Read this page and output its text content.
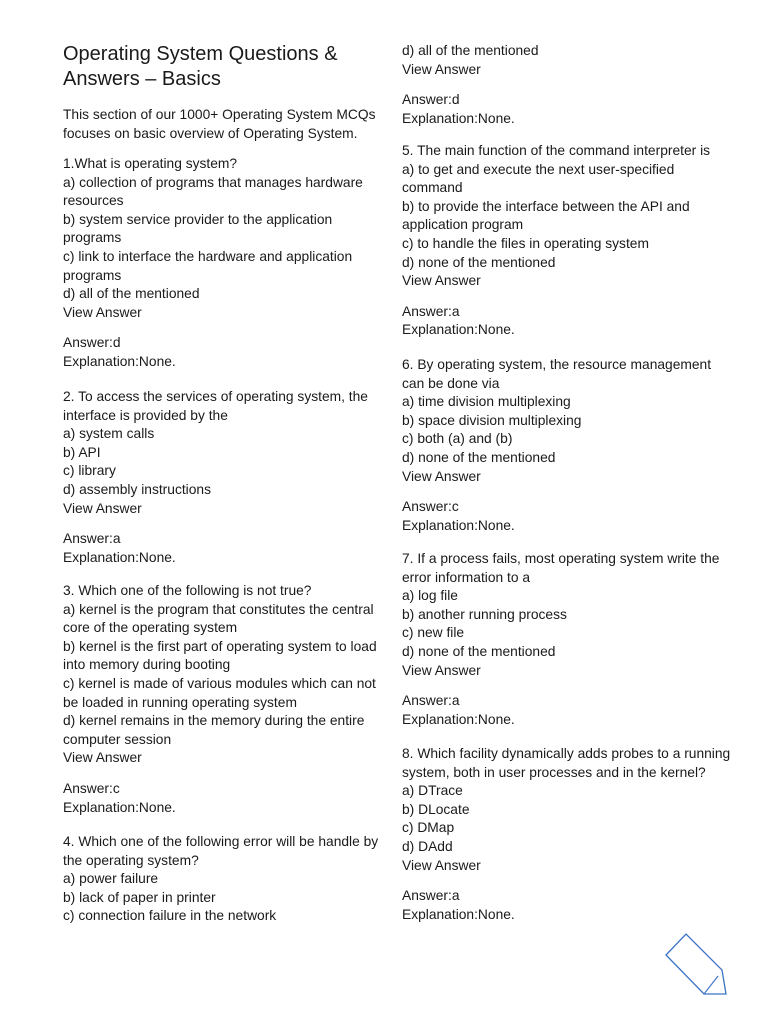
Operating System Questions & Answers – Basics

This section of our 1000+ Operating System MCQs focuses on basic overview of Operating System.

1.What is operating system?
a) collection of programs that manages hardware resources
b) system service provider to the application programs
c) link to interface the hardware and application programs
d) all of the mentioned
View Answer
Answer:d
Explanation:None.
2. To access the services of operating system, the interface is provided by the
a) system calls
b) API
c) library
d) assembly instructions
View Answer
Answer:a
Explanation:None.
3. Which one of the following is not true?
a) kernel is the program that constitutes the central core of the operating system
b) kernel is the first part of operating system to load into memory during booting
c) kernel is made of various modules which can not be loaded in running operating system
d) kernel remains in the memory during the entire computer session
View Answer
Answer:c
Explanation:None.
4. Which one of the following error will be handle by the operating system?
a) power failure
b) lack of paper in printer
c) connection failure in the network
d) all of the mentioned
View Answer
Answer:d
Explanation:None.
5. The main function of the command interpreter is
a) to get and execute the next user-specified command
b) to provide the interface between the API and application program
c) to handle the files in operating system
d) none of the mentioned
View Answer
Answer:a
Explanation:None.
6. By operating system, the resource management can be done via
a) time division multiplexing
b) space division multiplexing
c) both (a) and (b)
d) none of the mentioned
View Answer
Answer:c
Explanation:None.
7. If a process fails, most operating system write the error information to a
a) log file
b) another running process
c) new file
d) none of the mentioned
View Answer
Answer:a
Explanation:None.
8. Which facility dynamically adds probes to a running system, both in user processes and in the kernel?
a) DTrace
b) DLocate
c) DMap
d) DAdd
View Answer
Answer:a
Explanation:None.
